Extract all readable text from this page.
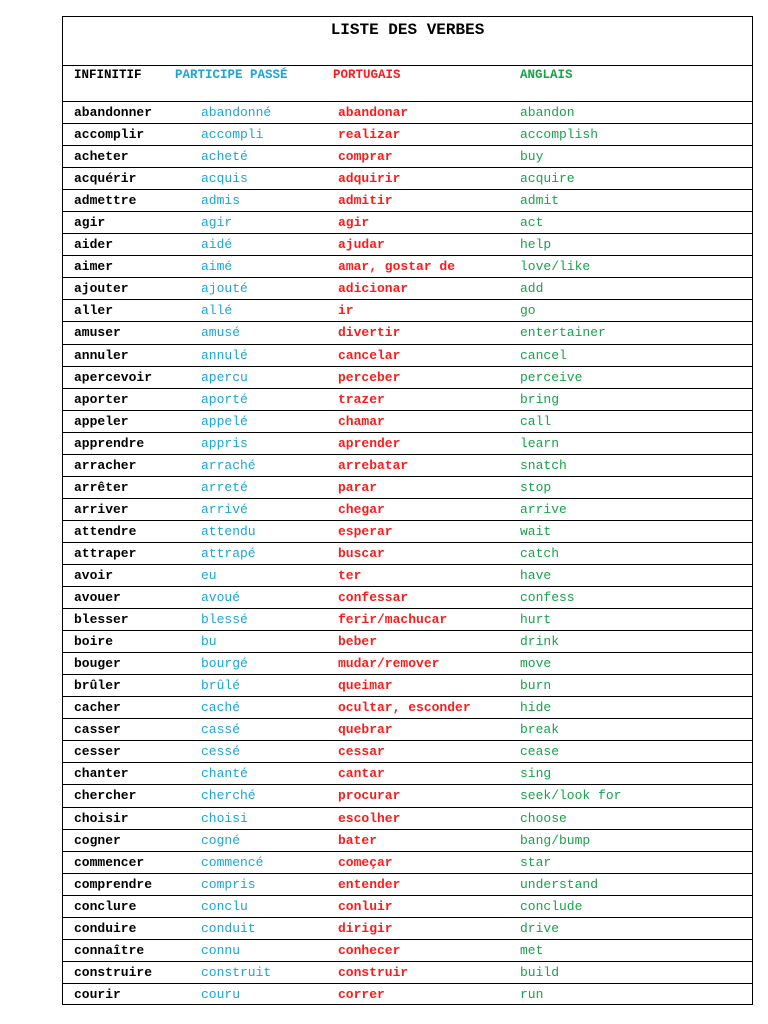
LISTE DES VERBES
INFINITIF	PARTICIPE PASSÉ	PORTUGAIS	ANGLAIS
abandonner	abandonné	abandonar	abandon
accomplir	accompli	realizar	accomplish
acheter	acheté	comprar	buy
acquérir	acquis	adquirir	acquire
admettre	admis	admitir	admit
agir	agir	agir	act
aider	aidé	ajudar	help
aimer	aimé	amar, gostar de	love/like
ajouter	ajouté	adicionar	add
aller	allé	ir	go
amuser	amusé	divertir	entertainer
annuler	annulé	cancelar	cancel
apercevoir	apercu	perceber	perceive
aporter	aporté	trazer	bring
appeler	appelé	chamar	call
apprendre	appris	aprender	learn
arracher	arraché	arrebatar	snatch
arrêter	arreté	parar	stop
arriver	arrivé	chegar	arrive
attendre	attendu	esperar	wait
attraper	attrapé	buscar	catch
avoir	eu	ter	have
avouer	avoué	confessar	confess
blesser	blessé	ferir/machucar	hurt
boire	bu	beber	drink
bouger	bourgé	mudar/remover	move
brûler	brûlé	queimar	burn
cacher	caché	ocultar, esconder	hide
casser	cassé	quebrar	break
cesser	cessé	cessar	cease
chanter	chanté	cantar	sing
chercher	cherché	procurar	seek/look for
choisir	choisi	escolher	choose
cogner	cogné	bater	bang/bump
commencer	commencé	começar	star
comprendre	compris	entender	understand
conclure	conclu	conluir	conclude
conduire	conduit	dirigir	drive
connaître	connu	conhecer	met
construire	construit	construir	build
courir	couru	correr	run
